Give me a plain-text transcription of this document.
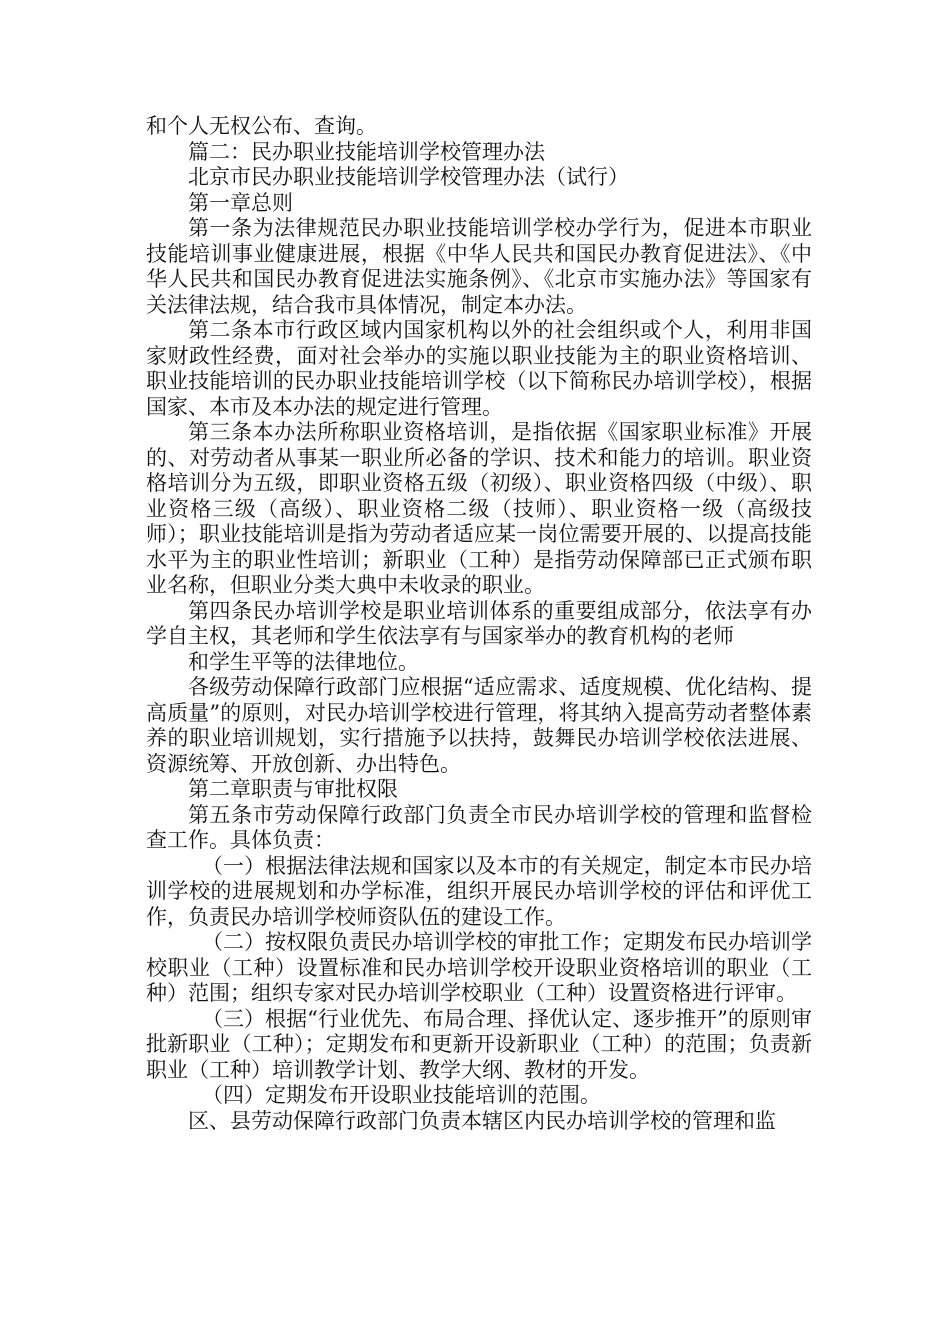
和个人无权公布、查询。

篇二：民办职业技能培训学校管理办法

北京市民办职业技能培训学校管理办法（试行）

第一章总则

第一条为法律规范民办职业技能培训学校办学行为，促进本市职业技能培训事业健康进展，根据《中华人民共和国民办教育促进法》、《中华人民共和国民办教育促进法实施条例》、《北京市实施办法》等国家有关法律法规，结合我市具体情况，制定本办法。

第二条本市行政区域内国家机构以外的社会组织或个人，利用非国家财政性经费，面对社会举办的实施以职业技能为主的职业资格培训、职业技能培训的民办职业技能培训学校（以下简称民办培训学校），根据国家、本市及本办法的规定进行管理。

第三条本办法所称职业资格培训，是指依据《国家职业标准》开展的、对劳动者从事某一职业所必备的学识、技术和能力的培训。职业资格培训分为五级，即职业资格五级（初级）、职业资格四级（中级）、职业资格三级（高级）、职业资格二级（技师）、职业资格一级（高级技师）；职业技能培训是指为劳动者适应某一岗位需要开展的、以提高技能水平为主的职业性培训；新职业（工种）是指劳动保障部已正式颁布职业名称，但职业分类大典中未收录的职业。

第四条民办培训学校是职业培训体系的重要组成部分，依法享有办学自主权，其老师和学生依法享有与国家举办的教育机构的老师

和学生平等的法律地位。

各级劳动保障行政部门应根据“适应需求、适度规模、优化结构、提高质量”的原则，对民办培训学校进行管理，将其纳入提高劳动者整体素养的职业培训规划，实行措施予以扶持，鼓舞民办培训学校依法进展、资源统筹、开放创新、办出特色。

第二章职责与审批权限

第五条市劳动保障行政部门负责全市民办培训学校的管理和监督检查工作。具体负责：

（一）根据法律法规和国家以及本市的有关规定，制定本市民办培训学校的进展规划和办学标准，组织开展民办培训学校的评估和评优工作，负责民办培训学校师资队伍的建设工作。

（二）按权限负责民办培训学校的审批工作；定期发布民办培训学校职业（工种）设置标准和民办培训学校开设职业资格培训的职业（工种）范围；组织专家对民办培训学校职业（工种）设置资格进行评审。

（三）根据“行业优先、布局合理、择优认定、逐步推开”的原则审批新职业（工种）；定期发布和更新开设新职业（工种）的范围；负责新职业（工种）培训教学计划、教学大纲、教材的开发。

（四）定期发布开设职业技能培训的范围。

区、县劳动保障行政部门负责本辖区内民办培训学校的管理和监
